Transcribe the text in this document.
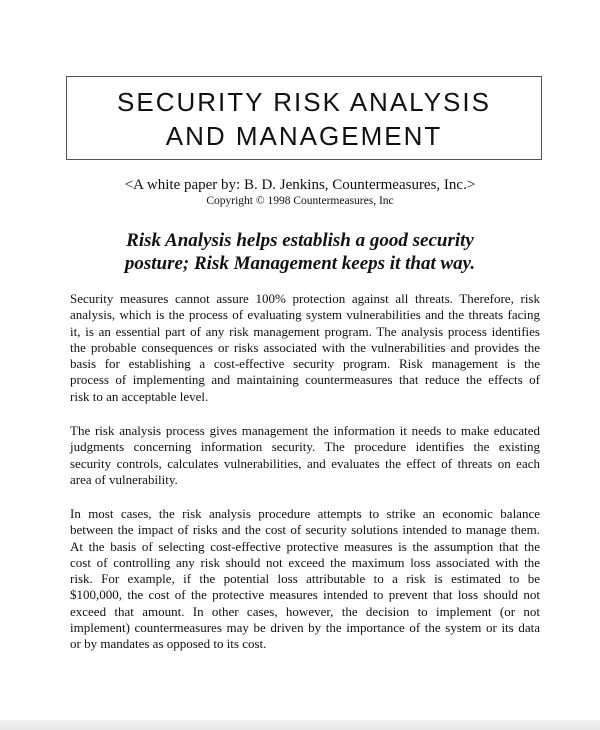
SECURITY RISK ANALYSIS
AND MANAGEMENT
<A white paper by: B. D. Jenkins, Countermeasures, Inc.>
Copyright © 1998 Countermeasures, Inc
Risk Analysis helps establish a good security
posture; Risk Management keeps it that way.
Security measures cannot assure 100% protection against all threats. Therefore, risk
analysis, which is the process of evaluating system vulnerabilities and the threats facing
it, is an essential part of any risk management program. The analysis process identifies
the probable consequences or risks associated with the vulnerabilities and provides the
basis for establishing a cost-effective security program. Risk management is the
process of implementing and maintaining countermeasures that reduce the effects of
risk to an acceptable level.
The risk analysis process gives management the information it needs to make educated
judgments concerning information security. The procedure identifies the existing
security controls, calculates vulnerabilities, and evaluates the effect of threats on each
area of vulnerability.
In most cases, the risk analysis procedure attempts to strike an economic balance
between the impact of risks and the cost of security solutions intended to manage them.
At the basis of selecting cost-effective protective measures is the assumption that the
cost of controlling any risk should not exceed the maximum loss associated with the
risk. For example, if the potential loss attributable to a risk is estimated to be
$100,000, the cost of the protective measures intended to prevent that loss should not
exceed that amount. In other cases, however, the decision to implement (or not
implement) countermeasures may be driven by the importance of the system or its data
or by mandates as opposed to its cost.
